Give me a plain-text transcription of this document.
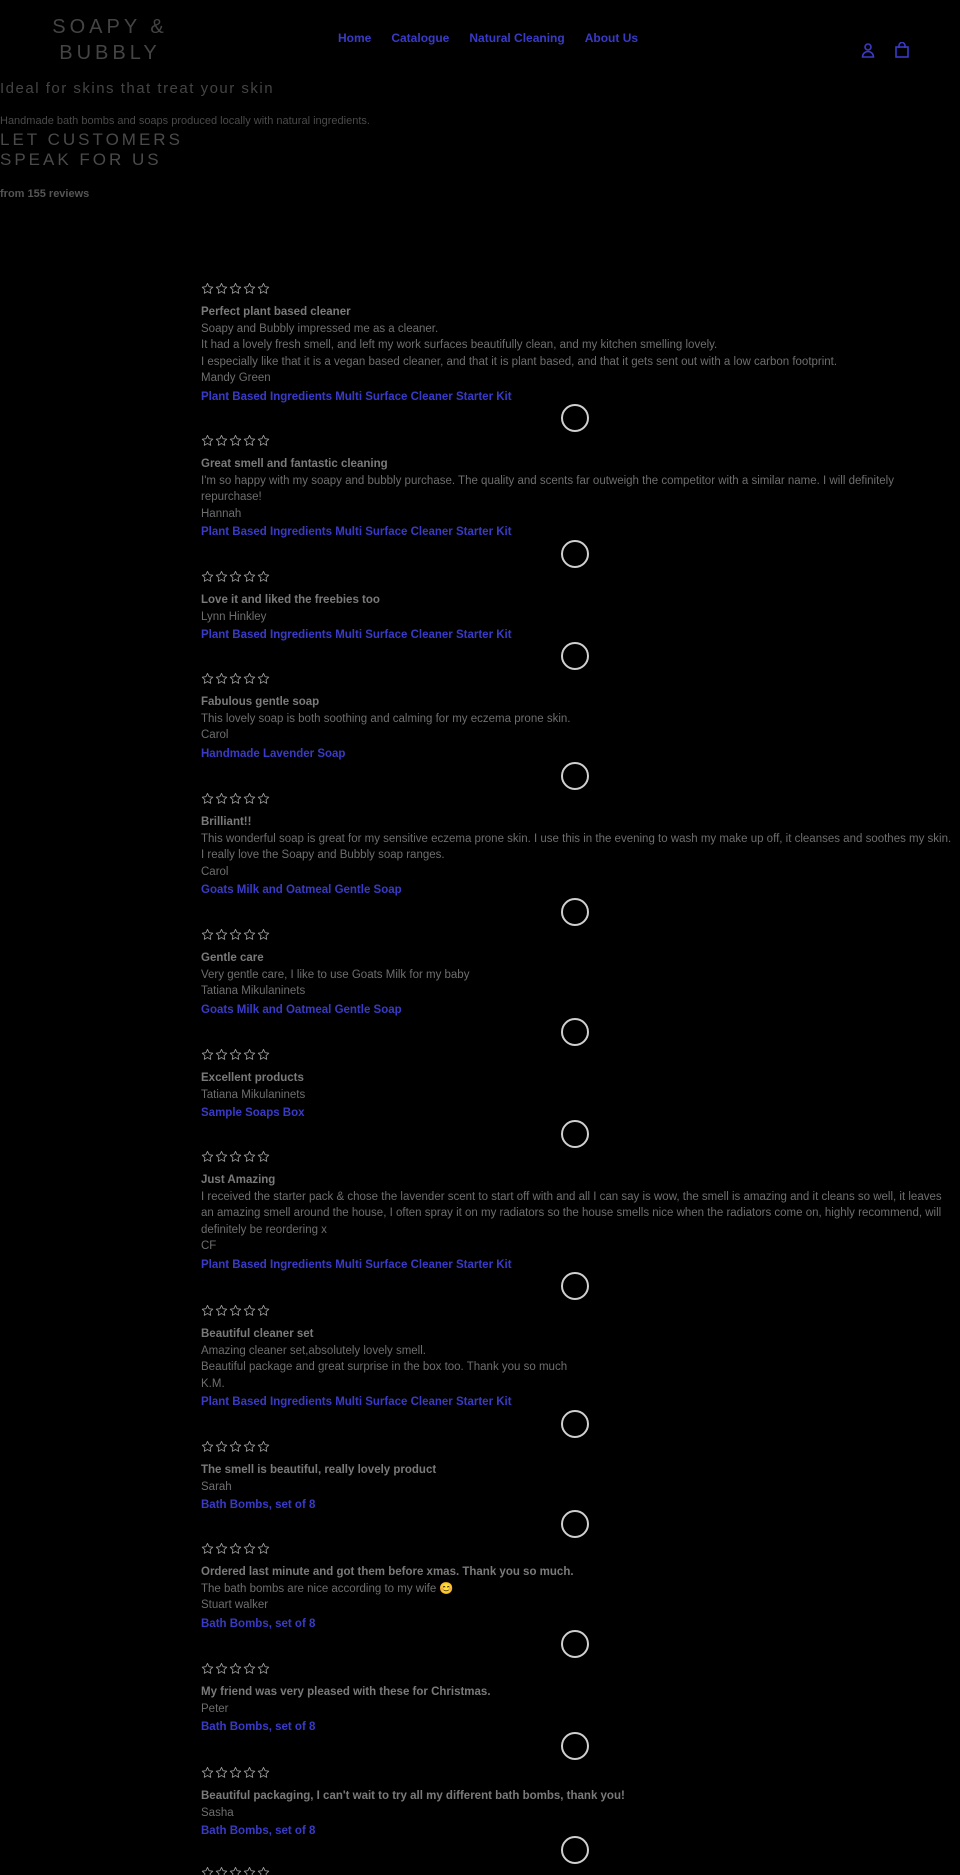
SOAPY &
BUBBLY
Home Catalogue Natural Cleaning About Us
Ideal for skins that treat your skin
Handmade bath bombs and soaps produced locally with natural ingredients.
LET CUSTOMERS
SPEAK FOR US
from 155 reviews
Perfect plant based cleaner

Soapy and Bubbly impressed me as a cleaner.

It had a lovely fresh smell, and left my work surfaces beautifully clean, and my kitchen smelling lovely.

I especially like that it is a vegan based cleaner, and that it is plant based, and that it gets sent out with a low carbon footprint.

Mandy Green
Plant Based Ingredients Multi Surface Cleaner Starter Kit
Great smell and fantastic cleaning

I'm so happy with my soapy and bubbly purchase. The quality and scents far outweigh the competitor with a similar name. I will definitely repurchase!

Hannah
Plant Based Ingredients Multi Surface Cleaner Starter Kit
Love it and liked the freebies too
Lynn Hinkley
Plant Based Ingredients Multi Surface Cleaner Starter Kit
Fabulous gentle soap

This lovely soap is both soothing and calming for my eczema prone skin.

Carol
Handmade Lavender Soap
Brilliant!!

This wonderful soap is great for my sensitive eczema prone skin. I use this in the evening to wash my make up off, it cleanses and soothes my skin. I really love the Soapy and Bubbly soap ranges.

Carol
Goats Milk and Oatmeal Gentle Soap
Gentle care

Very gentle care, I like to use Goats Milk for my baby

Tatiana Mikulaninets
Goats Milk and Oatmeal Gentle Soap
Excellent products
Tatiana Mikulaninets
Sample Soaps Box
Just Amazing

I received the starter pack & chose the lavender scent to start off with and all I can say is wow, the smell is amazing and it cleans so well, it leaves an amazing smell around the house, I often spray it on my radiators so the house smells nice when the radiators come on, highly recommend, will definitely be reordering x

CF
Plant Based Ingredients Multi Surface Cleaner Starter Kit
Beautiful cleaner set

Amazing cleaner set,absolutely lovely smell.

Beautiful package and great surprise in the box too. Thank you so much

K.M.
Plant Based Ingredients Multi Surface Cleaner Starter Kit
The smell is beautiful, really lovely product
Sarah
Bath Bombs, set of 8
Ordered last minute and got them before xmas. Thank you so much.

The bath bombs are nice according to my wife 😊

Stuart walker
Bath Bombs, set of 8
My friend was very pleased with these for Christmas.
Peter
Bath Bombs, set of 8
Beautiful packaging, I can't wait to try all my different bath bombs, thank you!
Sasha
Bath Bombs, set of 8
